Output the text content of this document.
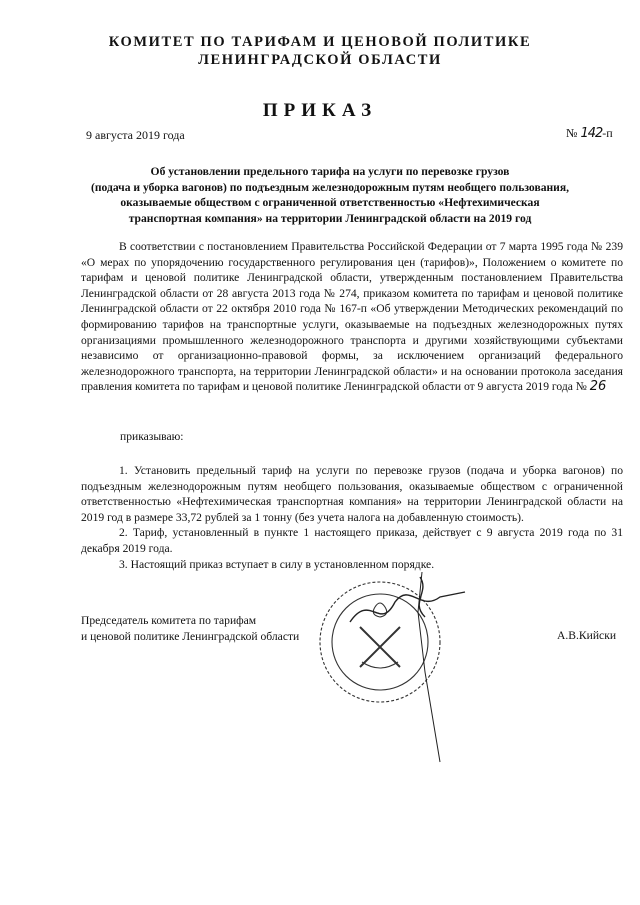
КОМИТЕТ ПО ТАРИФАМ И ЦЕНОВОЙ ПОЛИТИКЕ
ЛЕНИНГРАДСКОЙ ОБЛАСТИ
ПРИКАЗ
9 августа 2019 года	№ 142-п
Об установлении предельного тарифа на услуги по перевозке грузов
(подача и уборка вагонов) по подъездным железнодорожным путям необщего пользования,
оказываемые обществом с ограниченной ответственностью «Нефтехимическая
транспортная компания» на территории Ленинградской области на 2019 год

В соответствии с постановлением Правительства Российской Федерации от 7 марта 1995 года № 239 «О мерах по упорядочению государственного регулирования цен (тарифов)», Положением о комитете по тарифам и ценовой политике Ленинградской области, утвержденным постановлением Правительства Ленинградской области от 28 августа 2013 года № 274, приказом комитета по тарифам и ценовой политике Ленинградской области от 22 октября 2010 года № 167-п «Об утверждении Методических рекомендаций по формированию тарифов на транспортные услуги, оказываемые на подъездных железнодорожных путях организациями промышленного железнодорожного транспорта и другими хозяйствующими субъектами независимо от организационно-правовой формы, за исключением организаций федерального железнодорожного транспорта, на территории Ленинградской области» и на основании протокола заседания правления комитета по тарифам и ценовой политике Ленинградской области от 9 августа 2019 года № 26

приказываю:

1. Установить предельный тариф на услуги по перевозке грузов (подача и уборка вагонов) по подъездным железнодорожным путям необщего пользования, оказываемые обществом с ограниченной ответственностью «Нефтехимическая транспортная компания» на территории Ленинградской области на 2019 год в размере 33,72 рублей за 1 тонну (без учета налога на добавленную стоимость).

2. Тариф, установленный в пункте 1 настоящего приказа, действует с 9 августа 2019 года по 31 декабря 2019 года.

3. Настоящий приказ вступает в силу в установленном порядке.

Председатель комитета по тарифам
и ценовой политике Ленинградской области	А.В.Кийски
